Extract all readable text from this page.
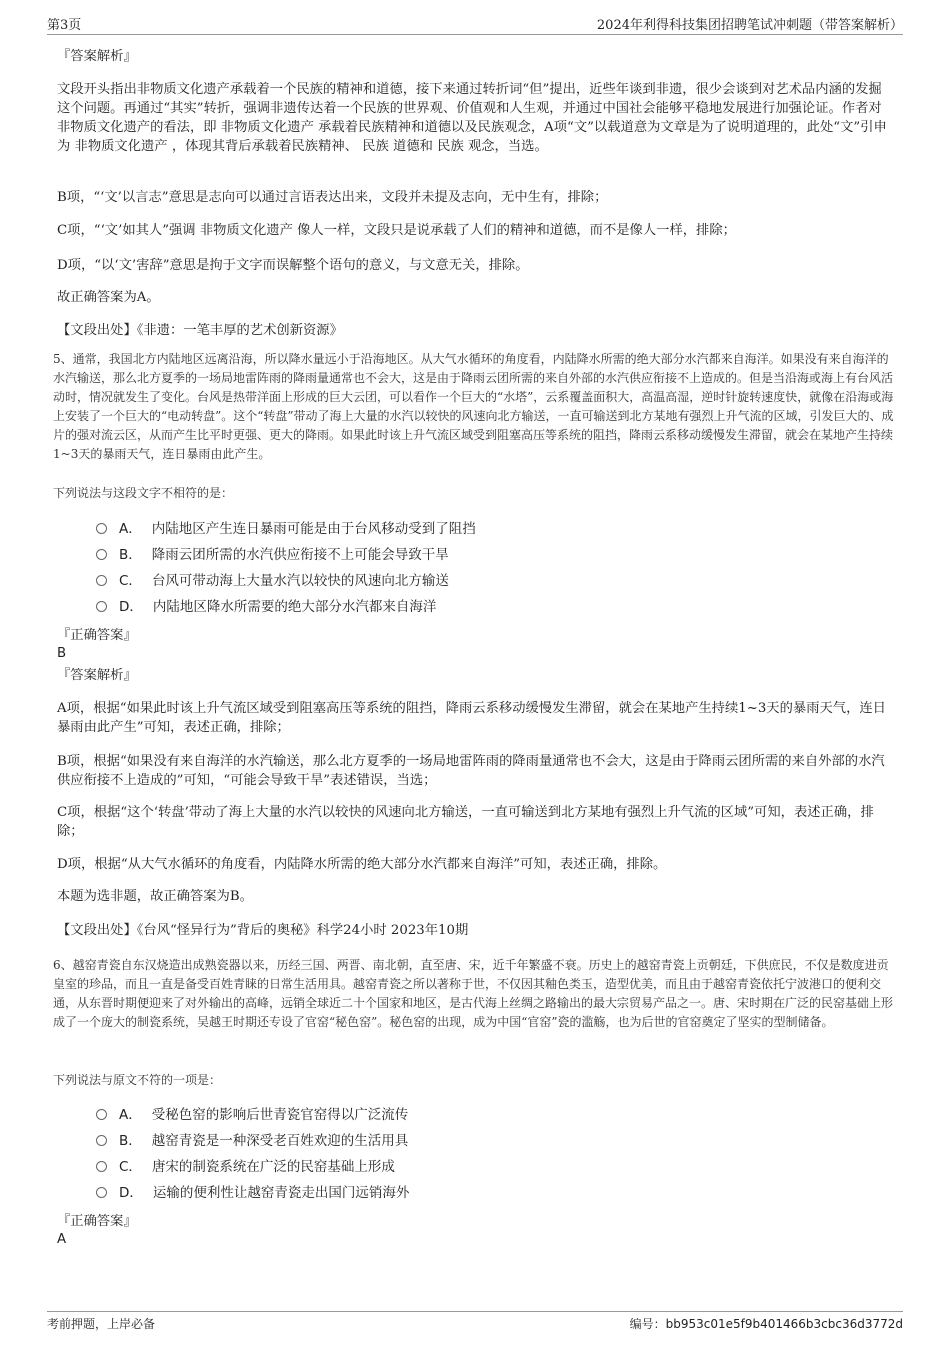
第3页	2024年利得科技集团招聘笔试冲刺题（带答案解析）

『答案解析』

文段开头指出非物质文化遗产承载着一个民族的精神和道德，接下来通过转折词“但”提出，近些年谈到非遗，很少会谈到对艺术品内涵的发掘这个问题。再通过“其实”转折，强调非遗传达着一个民族的世界观、价值观和人生观，并通过中国社会能够平稳地发展进行加强论证。作者对非物质文化遗产的看法，即 非物质文化遗产 承载着民族精神和道德以及民族观念，A项“文”以载道意为文章是为了说明道理的，此处“文”引申为 非物质文化遗产 ，体现其背后承载着民族精神、 民族 道德和 民族 观念，当选。

B项，“‘文’以言志”意思是志向可以通过言语表达出来，文段并未提及志向，无中生有，排除；

C项，“‘文’如其人”强调 非物质文化遗产 像人一样，文段只是说承载了人们的精神和道德，而不是像人一样，排除；

D项，“以‘文’害辞”意思是拘于文字而误解整个语句的意义，与文意无关，排除。

故正确答案为A。

【文段出处】《非遗：一笔丰厚的艺术创新资源》

5、通常，我国北方内陆地区远离沿海，所以降水量远小于沿海地区。从大气水循环的角度看，内陆降水所需的绝大部分水汽都来自海洋。如果没有来自海洋的水汽输送，那么北方夏季的一场局地雷阵雨的降雨量通常也不会大，这是由于降雨云团所需的来自外部的水汽供应衔接不上造成的。但是当沿海或海上有台风活动时，情况就发生了变化。台风是热带洋面上形成的巨大云团，可以看作一个巨大的“水塔”，云系覆盖面积大，高温高湿，逆时针旋转速度快，就像在沿海或海上安装了一个巨大的“电动转盘”。这个“转盘”带动了海上大量的水汽以较快的风速向北方输送，一直可输送到北方某地有强烈上升气流的区域，引发巨大的、成片的强对流云区，从而产生比平时更强、更大的降雨。如果此时该上升气流区域受到阻塞高压等系统的阻挡，降雨云系移动缓慢发生滞留，就会在某地产生持续1~3天的暴雨天气，连日暴雨由此产生。

下列说法与这段文字不相符的是：

A． 内陆地区产生连日暴雨可能是由于台风移动受到了阻挡
B． 降雨云团所需的水汽供应衔接不上可能会导致干旱
C． 台风可带动海上大量水汽以较快的风速向北方输送
D． 内陆地区降水所需要的绝大部分水汽都来自海洋

『正确答案』

B

『答案解析』

A项，根据“如果此时该上升气流区域受到阻塞高压等系统的阻挡，降雨云系移动缓慢发生滞留，就会在某地产生持续1~3天的暴雨天气，连日暴雨由此产生”可知，表述正确，排除；

B项，根据“如果没有来自海洋的水汽输送，那么北方夏季的一场局地雷阵雨的降雨量通常也不会大，这是由于降雨云团所需的来自外部的水汽供应衔接不上造成的”可知，“可能会导致干旱”表述错误，当选；

C项，根据“这个‘转盘’带动了海上大量的水汽以较快的风速向北方输送，一直可输送到北方某地有强烈上升气流的区域”可知，表述正确，排除；

D项，根据“从大气水循环的角度看，内陆降水所需的绝大部分水汽都来自海洋”可知，表述正确，排除。

本题为选非题，故正确答案为B。

【文段出处】《台风“怪异行为”背后的奥秘》科学24小时 2023年10期

6、越窑青瓷自东汉烧造出成熟瓷器以来，历经三国、两晋、南北朝，直至唐、宋，近千年繁盛不衰。历史上的越窑青瓷上贡朝廷，下供庶民，不仅是数度进贡皇室的珍品，而且一直是备受百姓青睐的日常生活用具。越窑青瓷之所以著称于世，不仅因其釉色类玉，造型优美，而且由于越窑青瓷依托宁波港口的便利交通，从东晋时期便迎来了对外输出的高峰，远销全球近二十个国家和地区，是古代海上丝绸之路输出的最大宗贸易产品之一。唐、宋时期在广泛的民窑基础上形成了一个庞大的制瓷系统，吴越王时期还专设了官窑“秘色窑”。秘色窑的出现，成为中国“官窑”瓷的滥觞，也为后世的官窑奠定了坚实的型制储备。

下列说法与原文不符的一项是：

A． 受秘色窑的影响后世青瓷官窑得以广泛流传
B． 越窑青瓷是一种深受老百姓欢迎的生活用具
C． 唐宋的制瓷系统在广泛的民窑基础上形成
D． 运输的便利性让越窑青瓷走出国门远销海外

『正确答案』

A

考前押题，上岸必备	编号：bb953c01e5f9b401466b3cbc36d3772d
